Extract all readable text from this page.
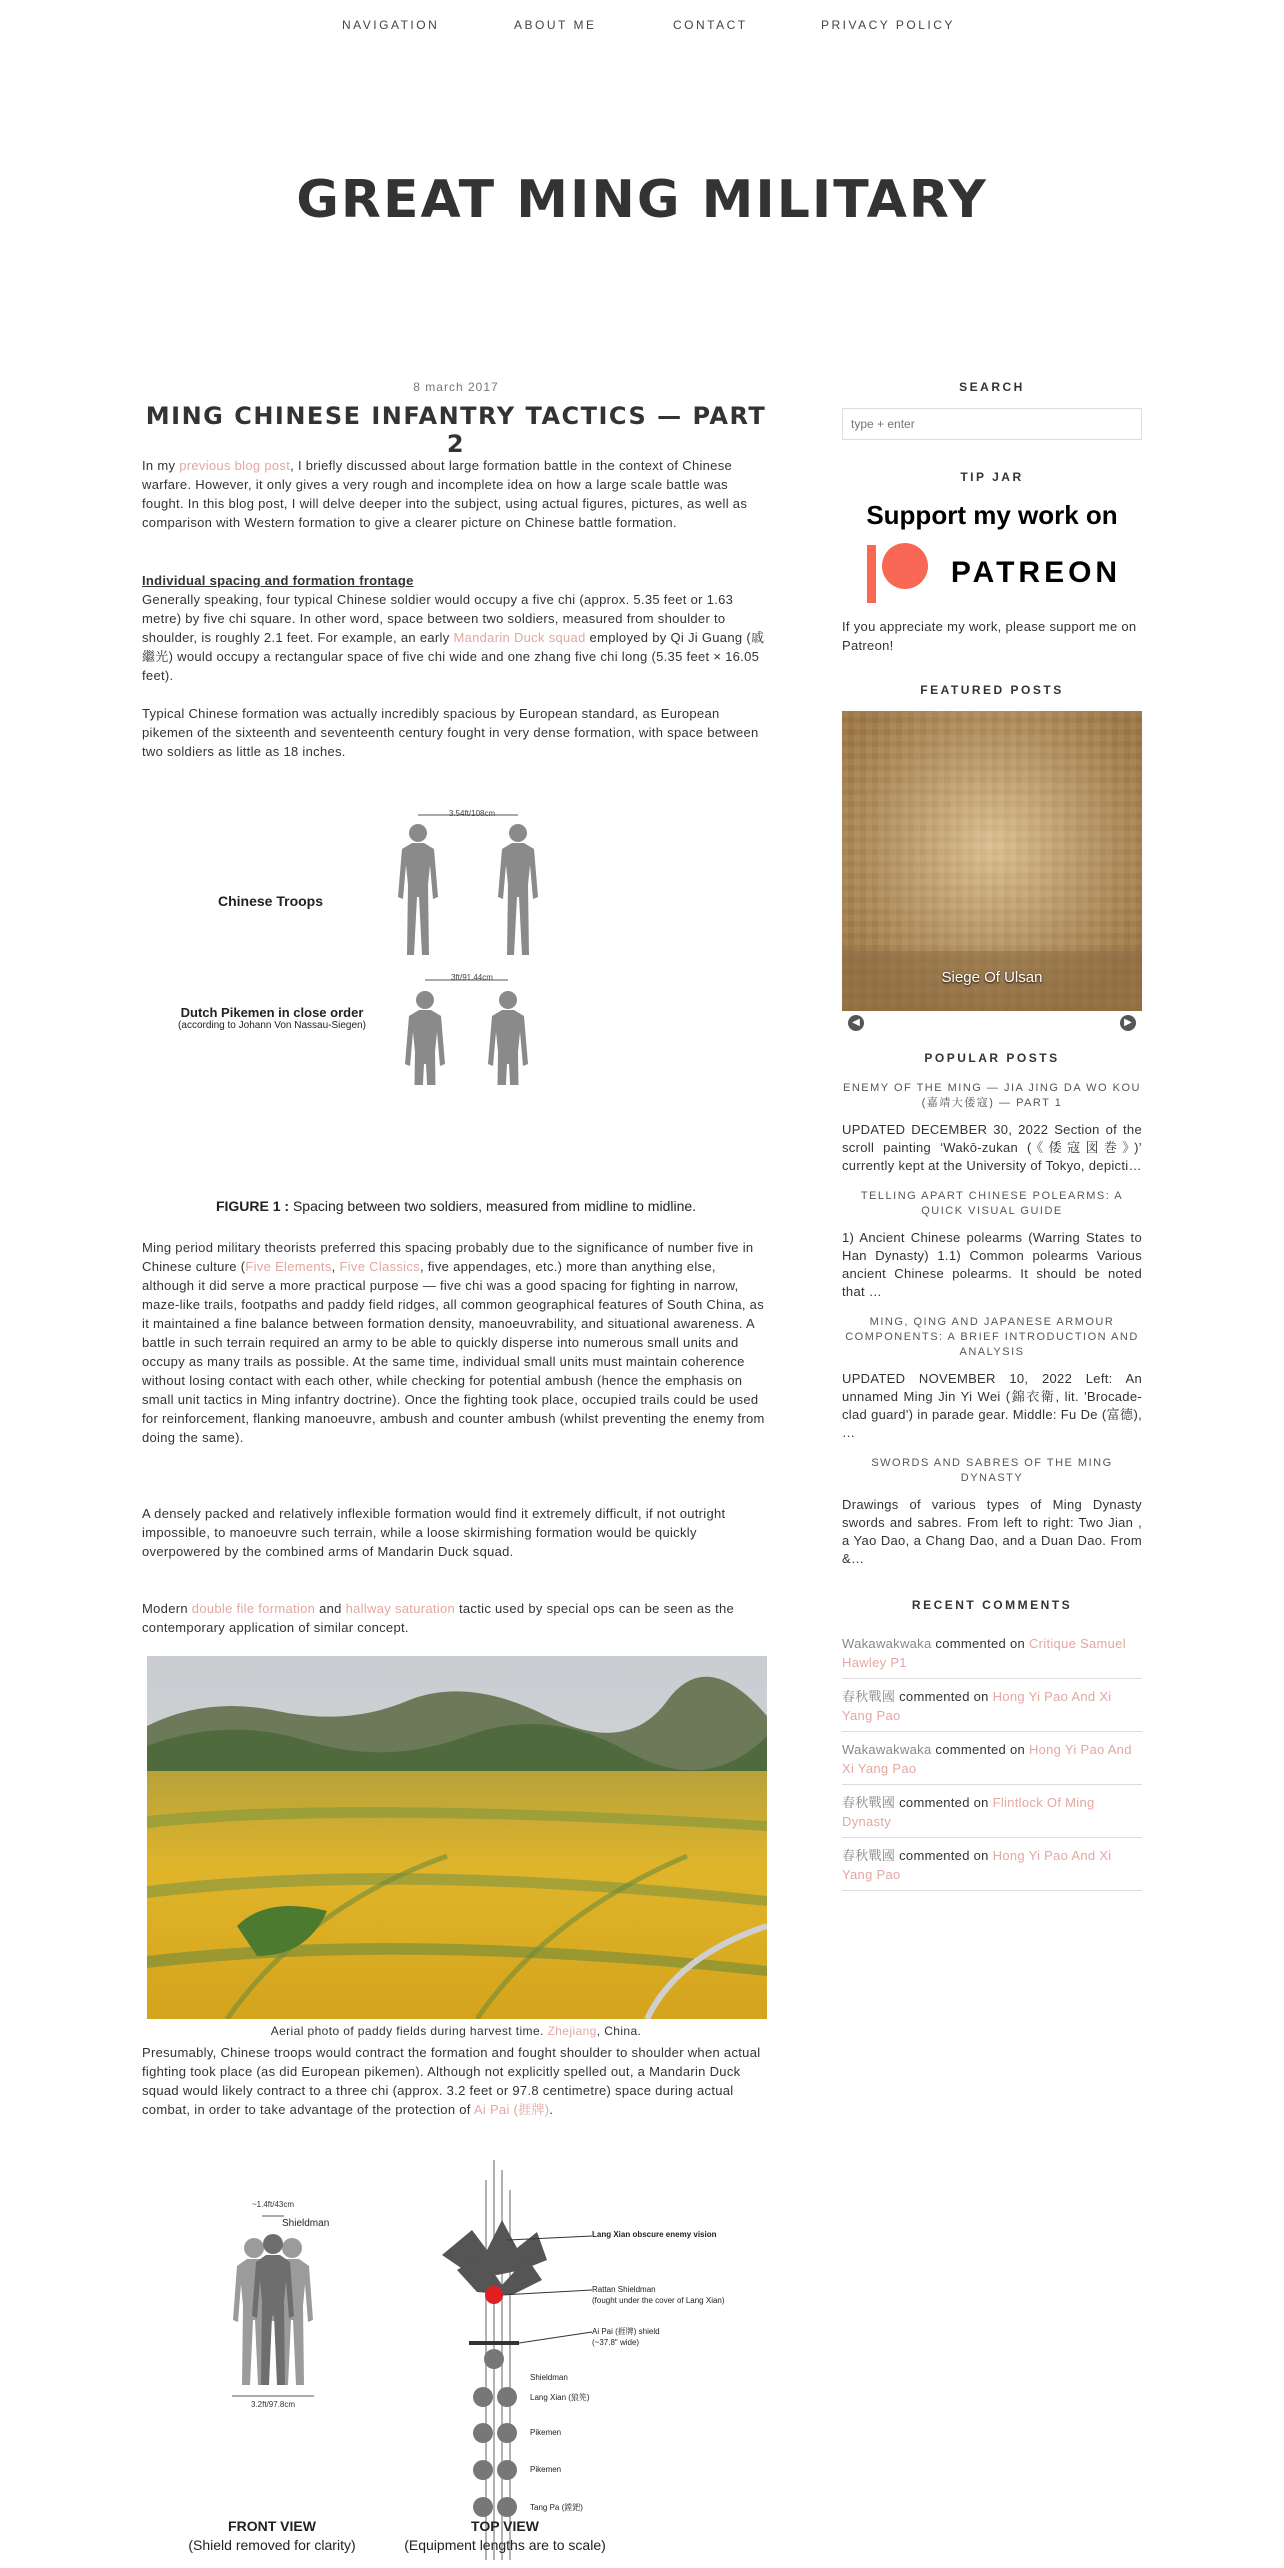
NAVIGATION	ABOUT ME	CONTACT	PRIVACY POLICY
GREAT MING MILITARY
8 march 2017
MING CHINESE INFANTRY TACTICS — PART 2

In my previous blog post, I briefly discussed about large formation battle in the context of Chinese warfare. However, it only gives a very rough and incomplete idea on how a large scale battle was fought. In this blog post, I will delve deeper into the subject, using actual figures, pictures, as well as comparison with Western formation to give a clearer picture on Chinese battle formation.

Individual spacing and formation frontage
Generally speaking, four typical Chinese soldier would occupy a five chi (approx. 5.35 feet or 1.63 metre) by five chi square. In other word, space between two soldiers, measured from shoulder to shoulder, is roughly 2.1 feet. For example, an early Mandarin Duck squad employed by Qi Ji Guang (戚繼光) would occupy a rectangular space of five chi wide and one zhang five chi long (5.35 feet × 16.05 feet).

Typical Chinese formation was actually incredibly spacious by European standard, as European pikemen of the sixteenth and seventeenth century fought in very dense formation, with space between two soldiers as little as 18 inches.

3.54ft/108cm
3ft/91.44cm
Chinese Troops
Dutch Pikemen in close order
(according to Johann Von Nassau-Siegen)
FIGURE 1 : Spacing between two soldiers, measured from midline to midline.

Ming period military theorists preferred this spacing probably due to the significance of number five in Chinese culture (Five Elements, Five Classics, five appendages, etc.) more than anything else, although it did serve a more practical purpose — five chi was a good spacing for fighting in narrow, maze-like trails, footpaths and paddy field ridges, all common geographical features of South China, as it maintained a fine balance between formation density, manoeuvrability, and situational awareness. A battle in such terrain required an army to be able to quickly disperse into numerous small units and occupy as many trails as possible. At the same time, individual small units must maintain coherence without losing contact with each other, while checking for potential ambush (hence the emphasis on small unit tactics in Ming infantry doctrine). Once the fighting took place, occupied trails could be used for reinforcement, flanking manoeuvre, ambush and counter ambush (whilst preventing the enemy from doing the same).

A densely packed and relatively inflexible formation would find it extremely difficult, if not outright impossible, to manoeuvre such terrain, while a loose skirmishing formation would be quickly overpowered by the combined arms of Mandarin Duck squad.

Modern double file formation and hallway saturation tactic used by special ops can be seen as the contemporary application of similar concept.

Aerial photo of paddy fields during harvest time. Zhejiang, China.

Presumably, Chinese troops would contract the formation and fought shoulder to shoulder when actual fighting took place (as did European pikemen). Although not explicitly spelled out, a Mandarin Duck squad would likely contract to a three chi (approx. 3.2 feet or 97.8 centimetre) space during actual combat, in order to take advantage of the protection of Ai Pai (捱牌).

~1.4ft/43cm
Shieldman
3.2ft/97.8cm
Lang Xian obscure enemy vision
Rattan Shieldman
(fought under the cover of Lang Xian)
Ai Pai (捱牌) shield
(~37.8" wide)
Shieldman
Lang Xian (狼筅)
Pikemen
Pikemen
Tang Pa (鏜鈀)
FRONT VIEW
(Shield removed for clarity)
TOP VIEW
(Equipment lengths are to scale)
SEARCH
type + enter
TIP JAR
Support my work on
PATREON

If you appreciate my work, please support me on Patreon!

FEATURED POSTS
Siege Of Ulsan
◀	▶
POPULAR POSTS
ENEMY OF THE MING — JIA JING DA WO KOU (嘉靖大倭寇) — PART 1
UPDATED DECEMBER 30, 2022 Section of the scroll painting ‘Wakō-zukan (《倭寇図巻》)’ currently kept at the University of Tokyo, depicti…
TELLING APART CHINESE POLEARMS: A QUICK VISUAL GUIDE
1) Ancient Chinese polearms (Warring States to Han Dynasty) 1.1) Common polearms Various ancient Chinese polearms. It should be noted that …
MING, QING AND JAPANESE ARMOUR COMPONENTS: A BRIEF INTRODUCTION AND ANALYSIS
UPDATED NOVEMBER 10, 2022 Left: An unnamed Ming Jin Yi Wei (錦衣衛, lit. 'Brocade-clad guard') in parade gear. Middle: Fu De (富德), …
SWORDS AND SABRES OF THE MING DYNASTY
Drawings of various types of Ming Dynasty swords and sabres. From left to right: Two Jian , a Yao Dao, a Chang Dao, and a Duan Dao. From &…
RECENT COMMENTS
Wakawakwaka commented on Critique Samuel Hawley P1
春秋戰國 commented on Hong Yi Pao And Xi Yang Pao
Wakawakwaka commented on Hong Yi Pao And Xi Yang Pao
春秋戰國 commented on Flintlock Of Ming Dynasty
春秋戰國 commented on Hong Yi Pao And Xi Yang Pao
